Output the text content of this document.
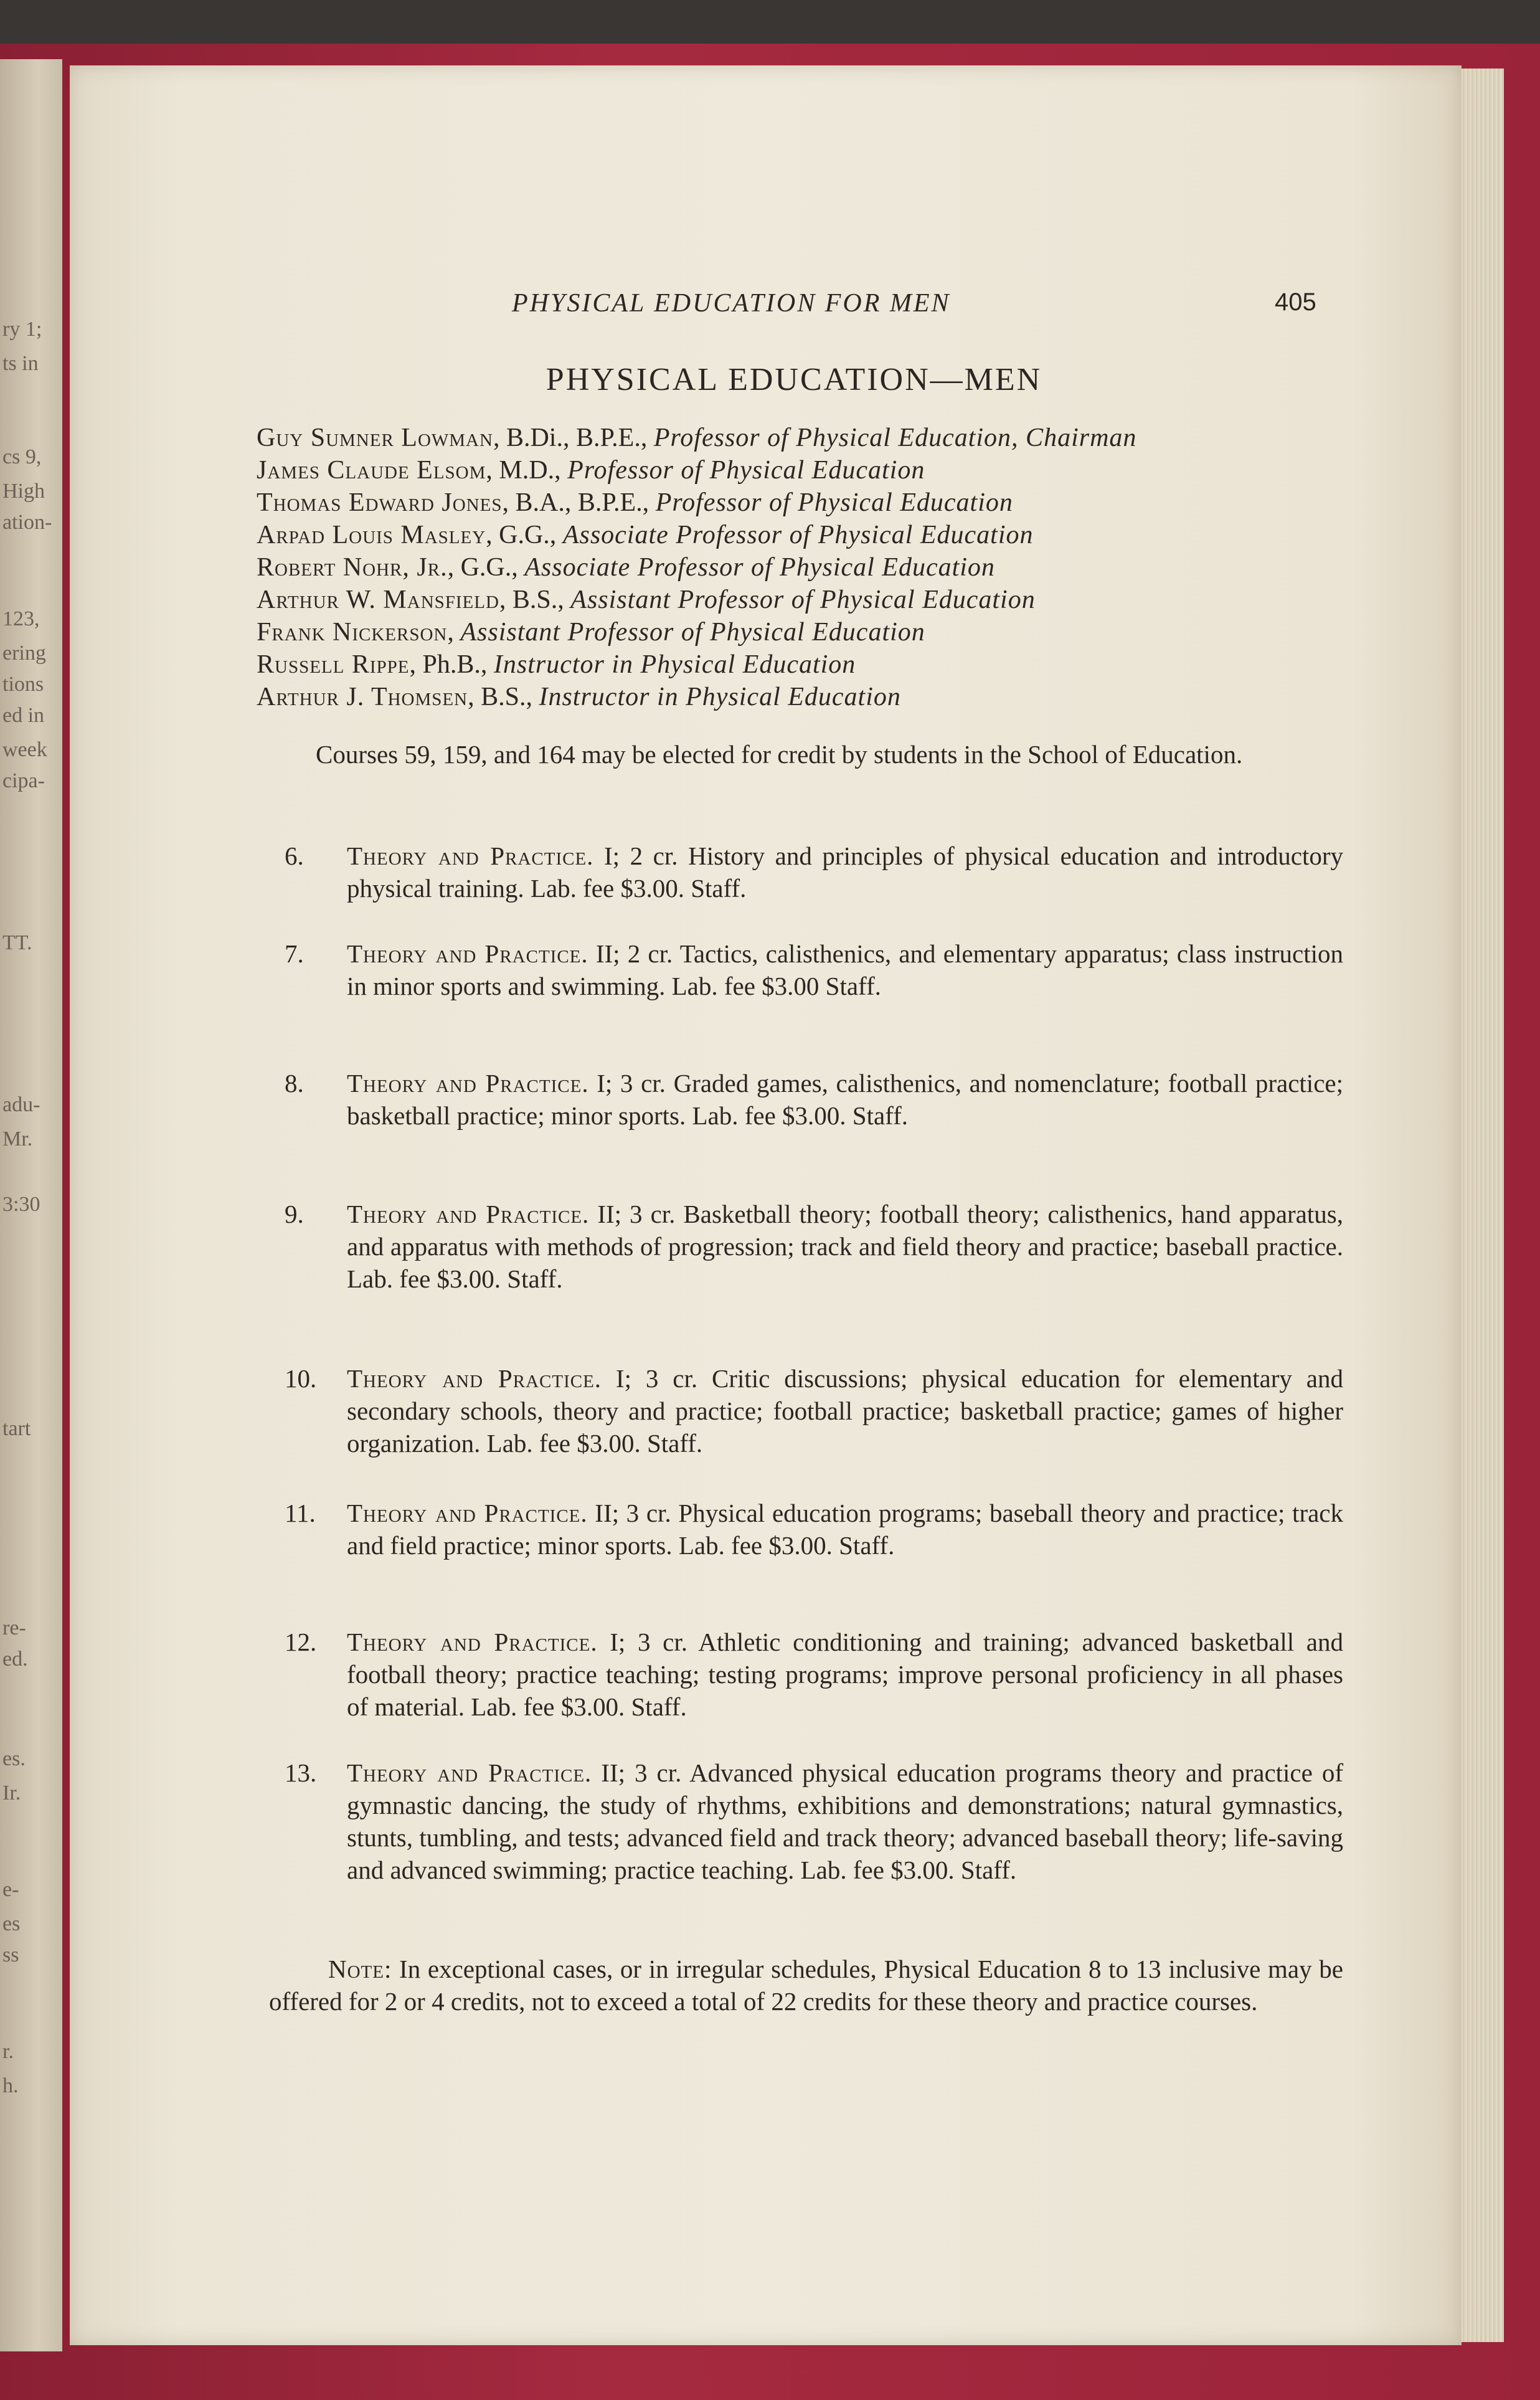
ry 1;
ts in
cs 9,
High
ation-
123,
ering
tions
ed in
week
cipa-
TT.
adu-
Mr.
3:30
tart
re-
ed.
es.
Ir.
e-
es
ss
r.
h.
PHYSICAL EDUCATION FOR MEN	405
PHYSICAL EDUCATION—MEN
Guy Sumner Lowman, B.Di., B.P.E., Professor of Physical Education, Chairman
James Claude Elsom, M.D., Professor of Physical Education
Thomas Edward Jones, B.A., B.P.E., Professor of Physical Education
Arpad Louis Masley, G.G., Associate Professor of Physical Education
Robert Nohr, Jr., G.G., Associate Professor of Physical Education
Arthur W. Mansfield, B.S., Assistant Professor of Physical Education
Frank Nickerson, Assistant Professor of Physical Education
Russell Rippe, Ph.B., Instructor in Physical Education
Arthur J. Thomsen, B.S., Instructor in Physical Education
Courses 59, 159, and 164 may be elected for credit by students in the School of Education.
6.	Theory and Practice. I; 2 cr. History and principles of physical education and introductory physical training. Lab. fee $3.00. Staff.
7.	Theory and Practice. II; 2 cr. Tactics, calisthenics, and elementary apparatus; class instruction in minor sports and swimming. Lab. fee $3.00 Staff.
8.	Theory and Practice. I; 3 cr. Graded games, calisthenics, and nomenclature; football practice; basketball practice; minor sports. Lab. fee $3.00. Staff.
9.	Theory and Practice. II; 3 cr. Basketball theory; football theory; calisthenics, hand apparatus, and apparatus with methods of progression; track and field theory and practice; baseball practice. Lab. fee $3.00. Staff.
10.	Theory and Practice. I; 3 cr. Critic discussions; physical education for elementary and secondary schools, theory and practice; football practice; basketball practice; games of higher organization. Lab. fee $3.00. Staff.
11.	Theory and Practice. II; 3 cr. Physical education programs; baseball theory and practice; track and field practice; minor sports. Lab. fee $3.00. Staff.
12.	Theory and Practice. I; 3 cr. Athletic conditioning and training; advanced basketball and football theory; practice teaching; testing programs; improve personal proficiency in all phases of material. Lab. fee $3.00. Staff.
13.	Theory and Practice. II; 3 cr. Advanced physical education programs theory and practice of gymnastic dancing, the study of rhythms, exhibitions and demonstrations; natural gymnastics, stunts, tumbling, and tests; advanced field and track theory; advanced baseball theory; life-saving and advanced swimming; practice teaching. Lab. fee $3.00. Staff.
Note: In exceptional cases, or in irregular schedules, Physical Education 8 to 13 inclusive may be offered for 2 or 4 credits, not to exceed a total of 22 credits for these theory and practice courses.
